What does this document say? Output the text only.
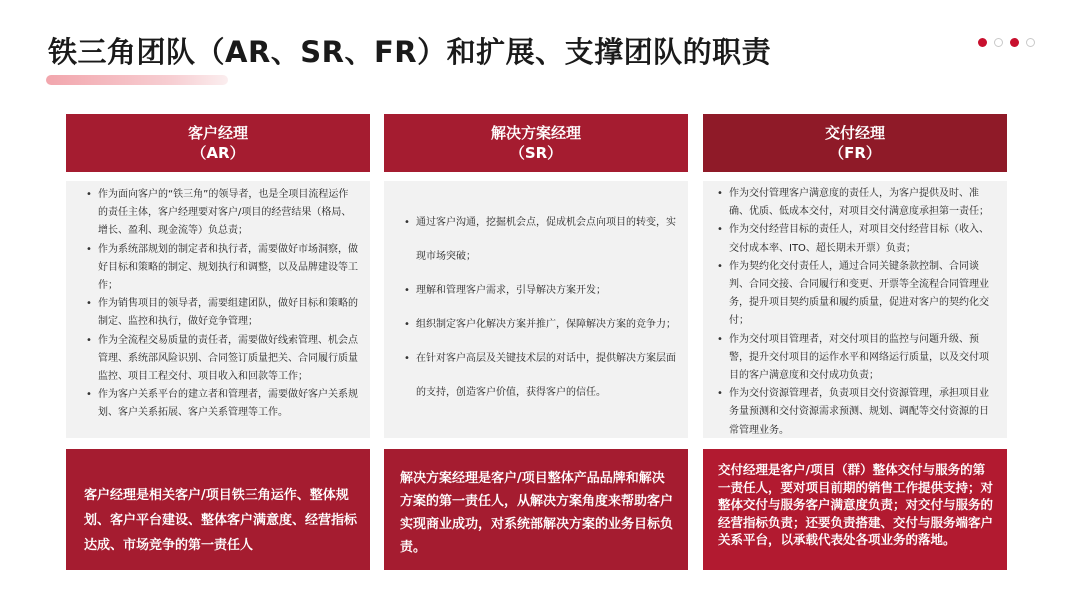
铁三角团队（AR、SR、FR）和扩展、支撑团队的职责
客户经理
（AR）
• 作为面向客户的“铁三角”的领导者，也是全项目流程运作的责任主体，客户经理要对客户/项目的经营结果（格局、增长、盈利、现金流等）负总责；
• 作为系统部规划的制定者和执行者，需要做好市场洞察，做好目标和策略的制定、规划执行和调整，以及品牌建设等工作；
• 作为销售项目的领导者，需要组建团队，做好目标和策略的制定、监控和执行，做好竞争管理；
• 作为全流程交易质量的责任者，需要做好线索管理、机会点管理、系统部风险识别、合同签订质量把关、合同履行质量监控、项目工程交付、项目收入和回款等工作；
• 作为客户关系平台的建立者和管理者，需要做好客户关系规划、客户关系拓展、客户关系管理等工作。
客户经理是相关客户/项目铁三角运作、整体规划、客户平台建设、整体客户满意度、经营指标达成、市场竞争的第一责任人
解决方案经理
（SR）
• 通过客户沟通，挖掘机会点，促成机会点向项目的转变，实现市场突破；
• 理解和管理客户需求，引导解决方案开发；
• 组织制定客户化解决方案并推广，保障解决方案的竞争力；
• 在针对客户高层及关键技术层的对话中，提供解决方案层面的支持，创造客户价值，获得客户的信任。
解决方案经理是客户/项目整体产品品牌和解决方案的第一责任人，从解决方案角度来帮助客户实现商业成功，对系统部解决方案的业务目标负责。
交付经理
（FR）
• 作为交付管理客户满意度的责任人，为客户提供及时、准确、优质、低成本交付，对项目交付满意度承担第一责任；
• 作为交付经营目标的责任人，对项目交付经营目标（收入、交付成本率、ITO、超长期未开票）负责；
• 作为契约化交付责任人，通过合同关键条款控制、合同谈判、合同交接、合同履行和变更、开票等全流程合同管理业务，提升项目契约质量和履约质量，促进对客户的契约化交付；
• 作为交付项目管理者，对交付项目的监控与问题升级、预警，提升交付项目的运作水平和网络运行质量，以及交付项目的客户满意度和交付成功负责；
• 作为交付资源管理者，负责项目交付资源管理，承担项目业务量预测和交付资源需求预测、规划、调配等交付资源的日常管理业务。
交付经理是客户/项目（群）整体交付与服务的第一责任人，要对项目前期的销售工作提供支持；对整体交付与服务客户满意度负责；对交付与服务的经营指标负责；还要负责搭建、交付与服务端客户关系平台，以承载代表处各项业务的落地。
